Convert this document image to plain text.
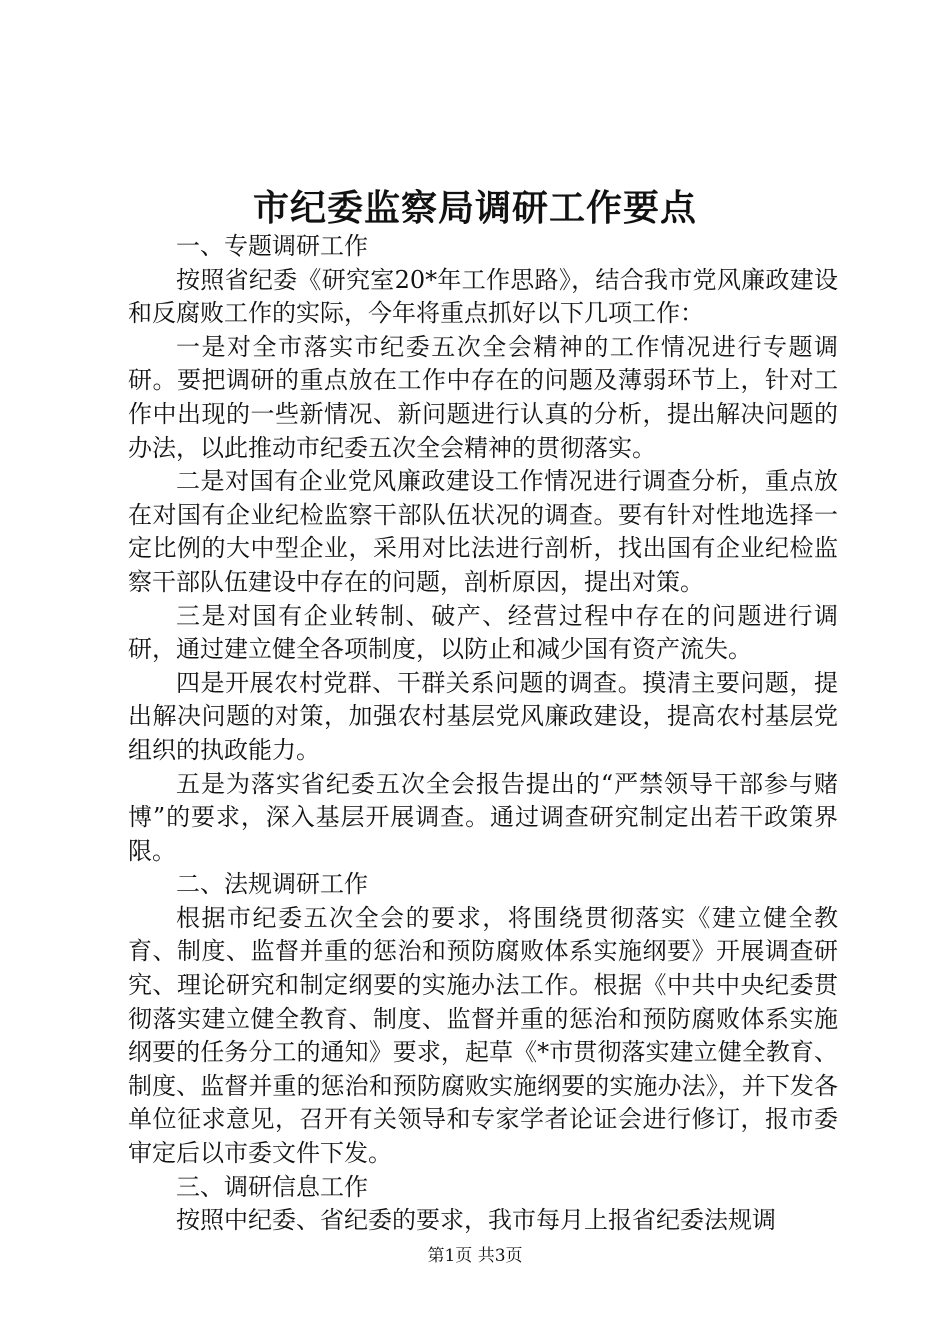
市纪委监察局调研工作要点

一、专题调研工作

按照省纪委《研究室20*年工作思路》，结合我市党风廉政建设和反腐败工作的实际，今年将重点抓好以下几项工作：

一是对全市落实市纪委五次全会精神的工作情况进行专题调研。要把调研的重点放在工作中存在的问题及薄弱环节上，针对工作中出现的一些新情况、新问题进行认真的分析，提出解决问题的办法，以此推动市纪委五次全会精神的贯彻落实。

二是对国有企业党风廉政建设工作情况进行调查分析，重点放在对国有企业纪检监察干部队伍状况的调查。要有针对性地选择一定比例的大中型企业，采用对比法进行剖析，找出国有企业纪检监察干部队伍建设中存在的问题，剖析原因，提出对策。

三是对国有企业转制、破产、经营过程中存在的问题进行调研，通过建立健全各项制度，以防止和减少国有资产流失。

四是开展农村党群、干群关系问题的调查。摸清主要问题，提出解决问题的对策，加强农村基层党风廉政建设，提高农村基层党组织的执政能力。

五是为落实省纪委五次全会报告提出的“严禁领导干部参与赌博”的要求，深入基层开展调查。通过调查研究制定出若干政策界限。

二、法规调研工作

根据市纪委五次全会的要求，将围绕贯彻落实《建立健全教育、制度、监督并重的惩治和预防腐败体系实施纲要》开展调查研究、理论研究和制定纲要的实施办法工作。根据《中共中央纪委贯彻落实建立健全教育、制度、监督并重的惩治和预防腐败体系实施纲要的任务分工的通知》要求，起草《*市贯彻落实建立健全教育、制度、监督并重的惩治和预防腐败实施纲要的实施办法》，并下发各单位征求意见，召开有关领导和专家学者论证会进行修订，报市委审定后以市委文件下发。

三、调研信息工作

按照中纪委、省纪委的要求，我市每月上报省纪委法规调

第1页 共3页
